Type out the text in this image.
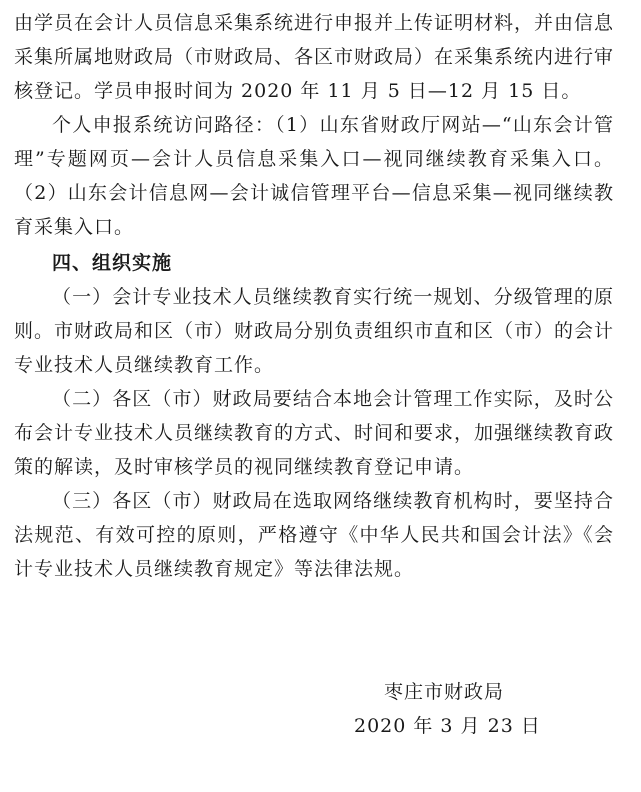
由学员在会计人员信息采集系统进行申报并上传证明材料，并由信息采集所属地财政局（市财政局、各区市财政局）在采集系统内进行审核登记。学员申报时间为 2020 年 11 月 5 日—12 月 15 日。

个人申报系统访问路径：（1）山东省财政厅网站—“山东会计管理”专题网页—会计人员信息采集入口—视同继续教育采集入口。（2）山东会计信息网—会计诚信管理平台—信息采集—视同继续教育采集入口。

四、组织实施

（一）会计专业技术人员继续教育实行统一规划、分级管理的原则。市财政局和区（市）财政局分别负责组织市直和区（市）的会计专业技术人员继续教育工作。

（二）各区（市）财政局要结合本地会计管理工作实际，及时公布会计专业技术人员继续教育的方式、时间和要求，加强继续教育政策的解读，及时审核学员的视同继续教育登记申请。

（三）各区（市）财政局在选取网络继续教育机构时，要坚持合法规范、有效可控的原则，严格遵守《中华人民共和国会计法》《会计专业技术人员继续教育规定》等法律法规。

枣庄市财政局

2020 年 3 月 23 日
